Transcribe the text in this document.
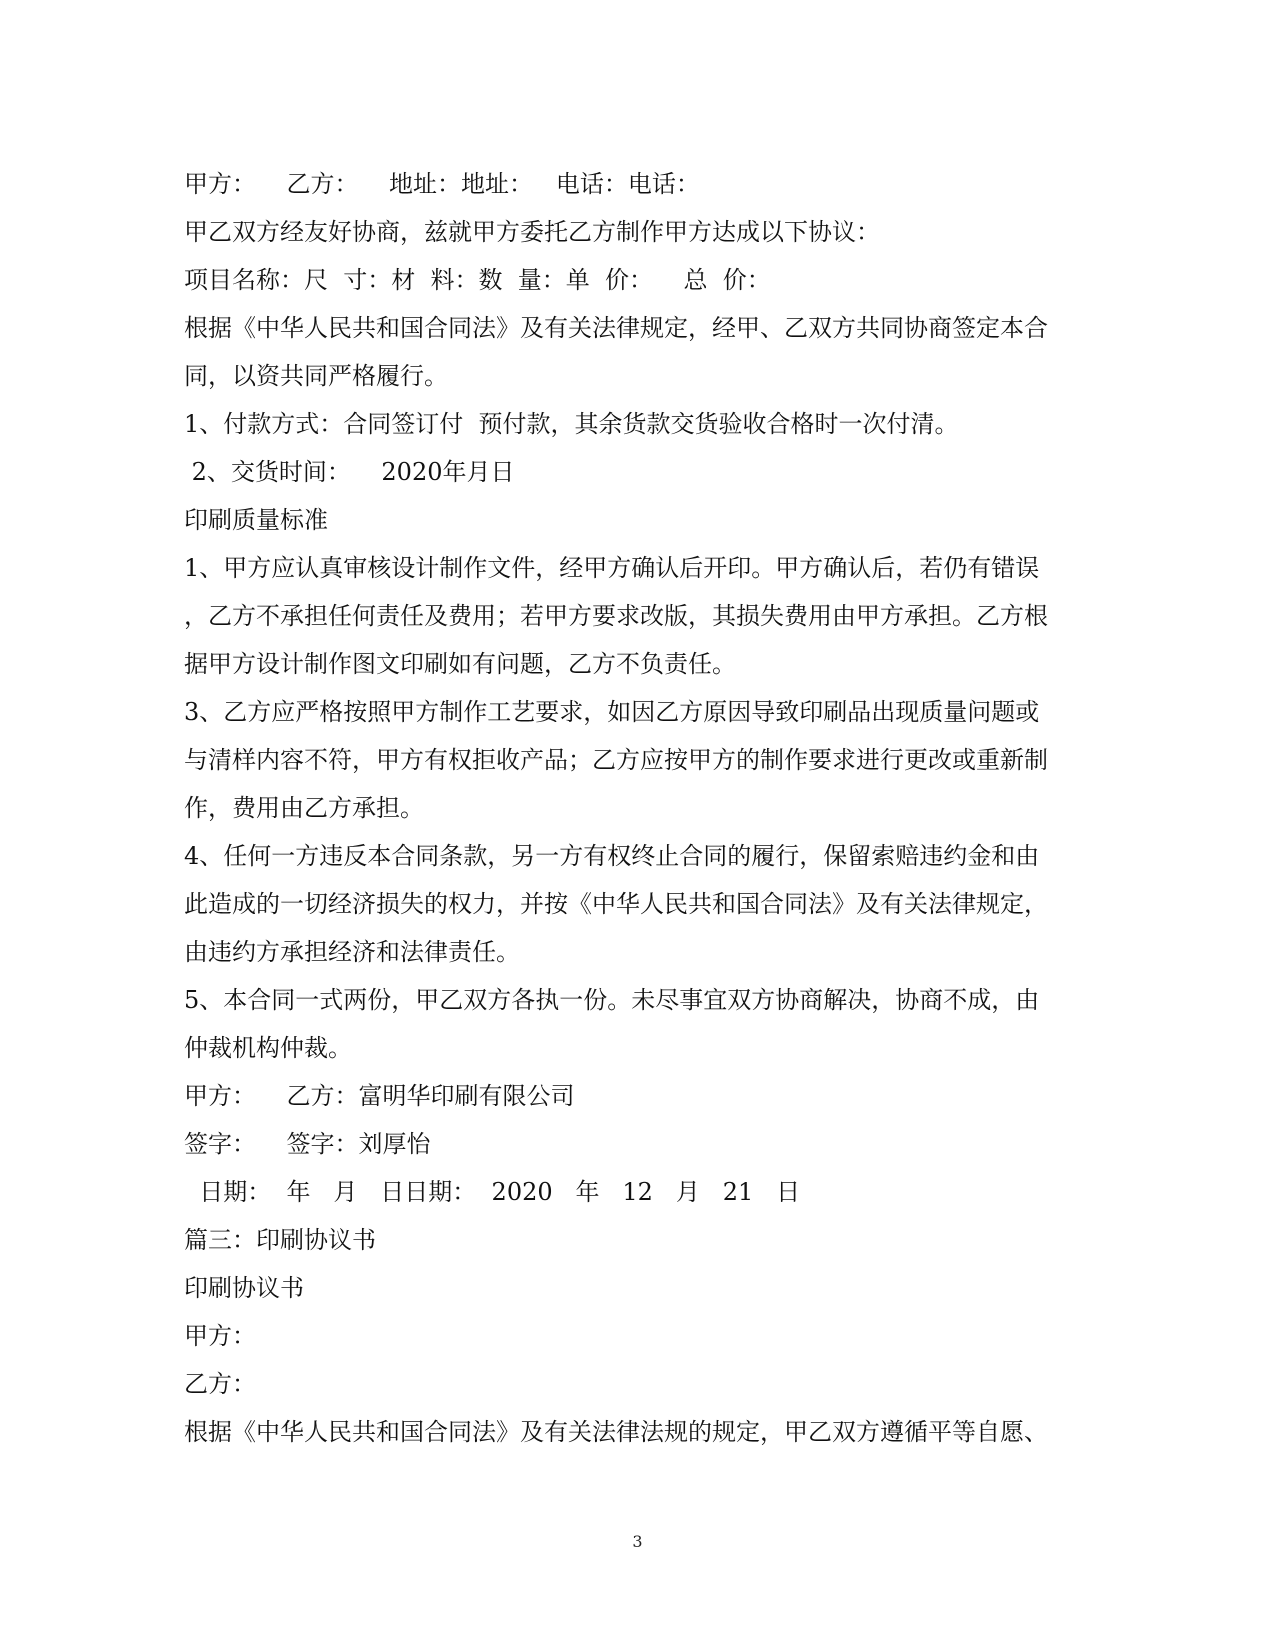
甲方：    乙方：    地址：地址：   电话：电话：
甲乙双方经友好协商，兹就甲方委托乙方制作甲方达成以下协议：
项目名称：尺  寸：材  料：数  量：单  价：    总  价：
根据《中华人民共和国合同法》及有关法律规定，经甲、乙双方共同协商签定本合
同，以资共同严格履行。
1、付款方式：合同签订付  预付款，其余货款交货验收合格时一次付清。
2、交货时间：    2020年月日
印刷质量标准
1、甲方应认真审核设计制作文件，经甲方确认后开印。甲方确认后，若仍有错误
，乙方不承担任何责任及费用；若甲方要求改版，其损失费用由甲方承担。乙方根
据甲方设计制作图文印刷如有问题，乙方不负责任。
3、乙方应严格按照甲方制作工艺要求，如因乙方原因导致印刷品出现质量问题或
与清样内容不符，甲方有权拒收产品；乙方应按甲方的制作要求进行更改或重新制
作，费用由乙方承担。
4、任何一方违反本合同条款，另一方有权终止合同的履行，保留索赔违约金和由
此造成的一切经济损失的权力，并按《中华人民共和国合同法》及有关法律规定，
由违约方承担经济和法律责任。
5、本合同一式两份，甲乙双方各执一份。未尽事宜双方协商解决，协商不成，由
仲裁机构仲裁。
甲方：    乙方：富明华印刷有限公司
签字：    签字：刘厚怡
日期：  年   月   日日期：  2020   年   12   月   21   日
篇三：印刷协议书
印刷协议书
甲方：
乙方：
根据《中华人民共和国合同法》及有关法律法规的规定，甲乙双方遵循平等自愿、
3
